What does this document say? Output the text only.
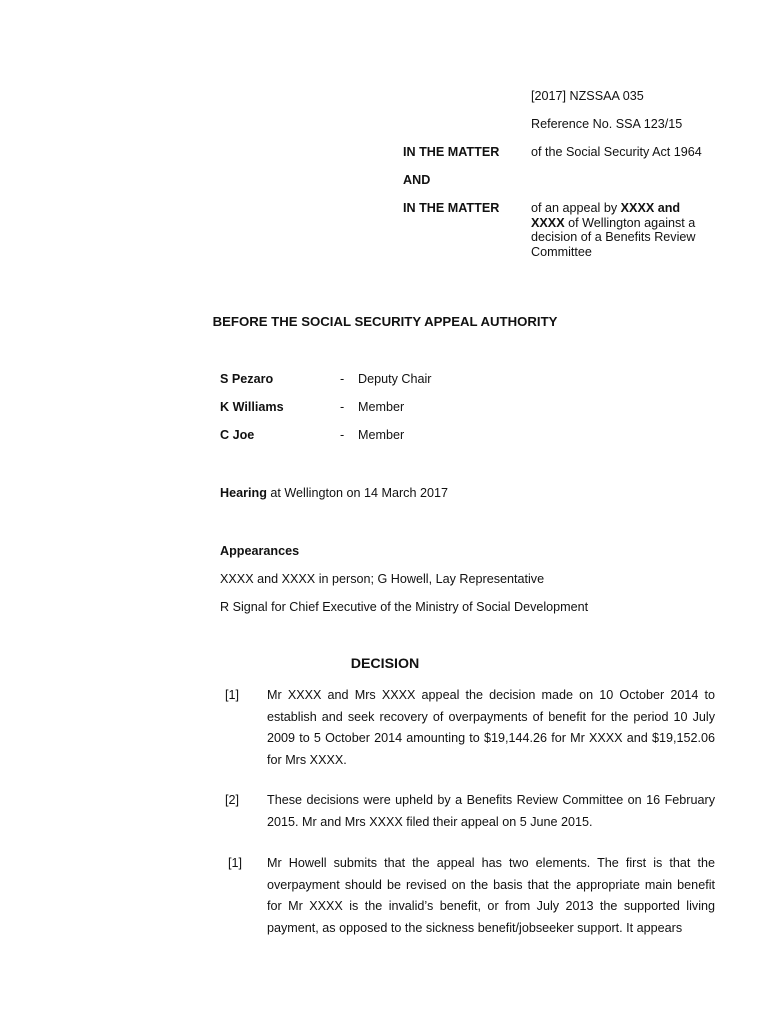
[2017] NZSSAA 035
Reference No. SSA 123/15
IN THE MATTER	of the Social Security Act 1964
AND
IN THE MATTER	of an appeal by XXXX and XXXX of Wellington against a decision of a Benefits Review Committee
BEFORE THE SOCIAL SECURITY APPEAL AUTHORITY
S Pezaro	- Deputy Chair
K Williams	- Member
C Joe	- Member
Hearing at Wellington on 14 March 2017
Appearances
XXXX and XXXX in person; G Howell, Lay Representative
R Signal for Chief Executive of the Ministry of Social Development
DECISION
[1] Mr XXXX and Mrs XXXX appeal the decision made on 10 October 2014 to establish and seek recovery of overpayments of benefit for the period 10 July 2009 to 5 October 2014 amounting to $19,144.26 for Mr XXXX and $19,152.06 for Mrs XXXX.
[2] These decisions were upheld by a Benefits Review Committee on 16 February 2015. Mr and Mrs XXXX filed their appeal on 5 June 2015.
[1] Mr Howell submits that the appeal has two elements. The first is that the overpayment should be revised on the basis that the appropriate main benefit for Mr XXXX is the invalid’s benefit, or from July 2013 the supported living payment, as opposed to the sickness benefit/jobseeker support. It appears
